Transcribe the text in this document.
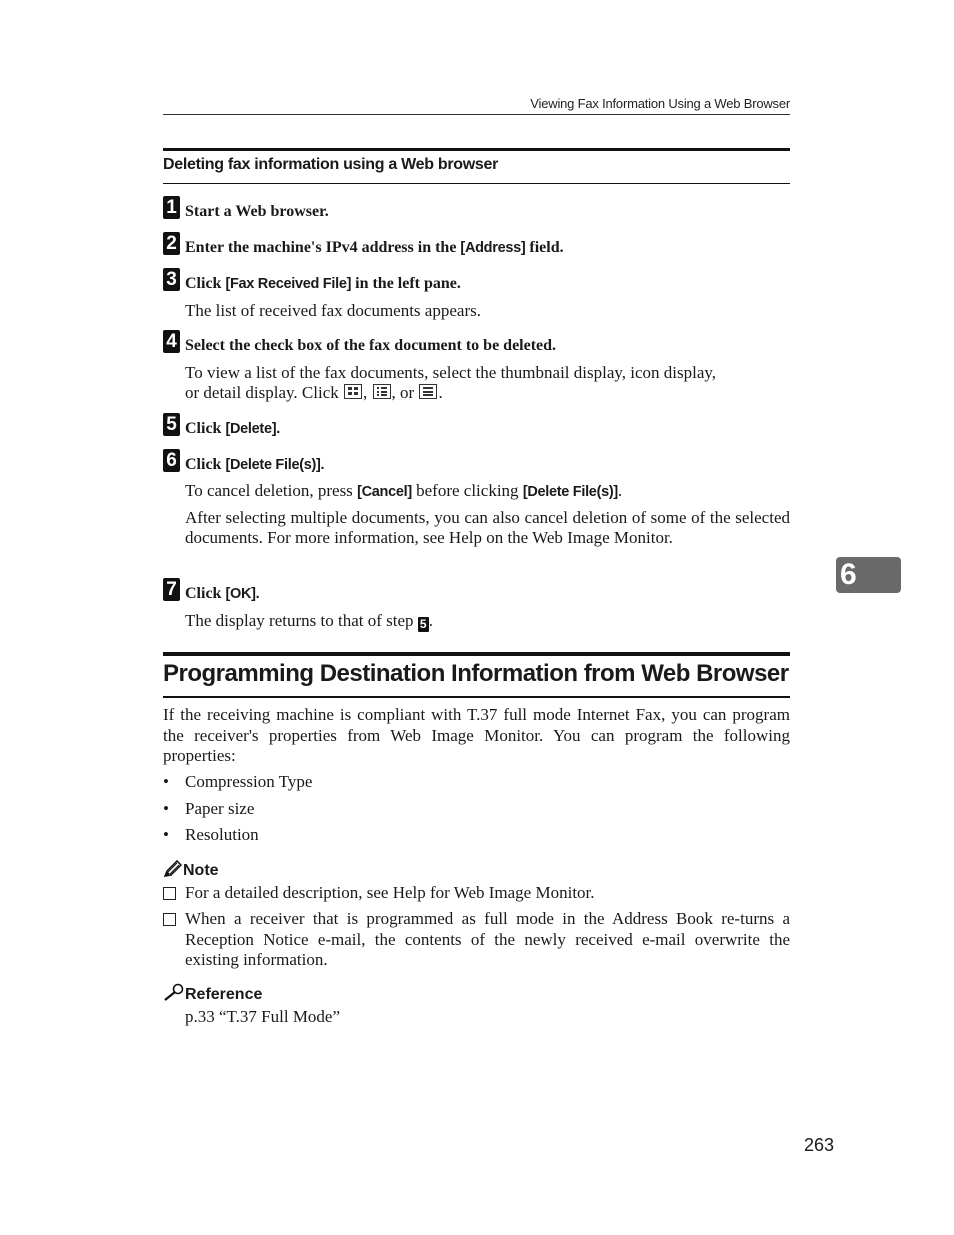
Viewing Fax Information Using a Web Browser
Deleting fax information using a Web browser
1 Start a Web browser.
2 Enter the machine's IPv4 address in the [Address] field.
3 Click [Fax Received File] in the left pane.
The list of received fax documents appears.
4 Select the check box of the fax document to be deleted.
To view a list of the fax documents, select the thumbnail display, icon display,
or detail display. Click
,
, or
.
5 Click [Delete].
6 Click [Delete File(s)].
To cancel deletion, press [Cancel] before clicking [Delete File(s)].
After selecting multiple documents, you can also cancel deletion of some of the selected documents. For more information, see Help on the Web Image Monitor.
7 Click [OK].
The display returns to that of step 5 .
Programming Destination Information from Web Browser
If the receiving machine is compliant with T.37 full mode Internet Fax, you can program the receiver's properties from Web Image Monitor. You can program the following properties:
• Compression Type
• Paper size
• Resolution
Note
For a detailed description, see Help for Web Image Monitor.
When a receiver that is programmed as full mode in the Address Book re-turns a Reception Notice e-mail, the contents of the newly received e-mail overwrite the existing information.
Reference
p.33 “T.37 Full Mode”
6
263
